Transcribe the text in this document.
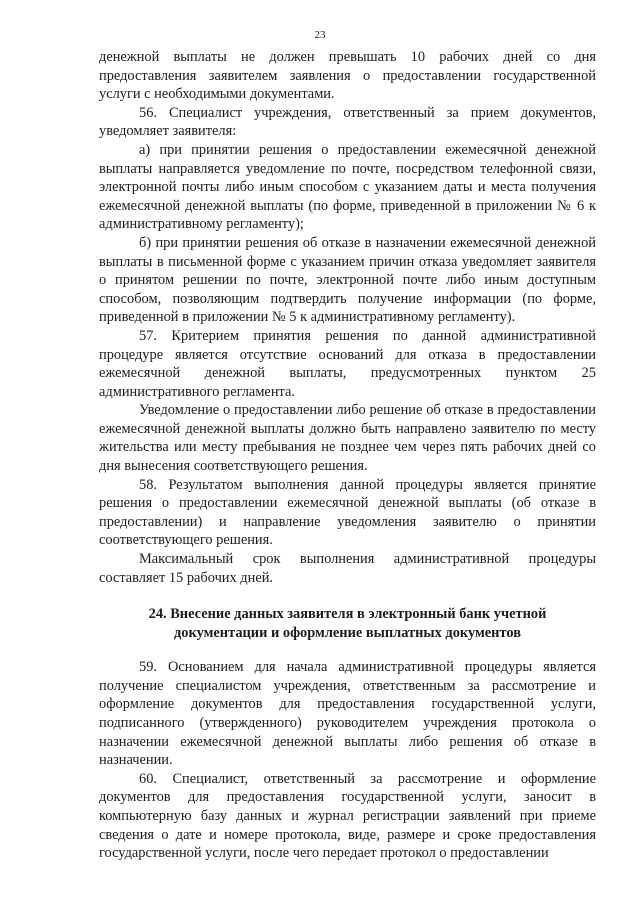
23

денежной выплаты не должен превышать 10 рабочих дней со дня предоставления заявителем заявления о предоставлении государственной услуги с необходимыми документами.

56. Специалист учреждения, ответственный за прием документов, уведомляет заявителя:

а) при принятии решения о предоставлении ежемесячной денежной выплаты направляется уведомление по почте, посредством телефонной связи, электронной почты либо иным способом с указанием даты и места получения ежемесячной денежной выплаты (по форме, приведенной в приложении № 6 к административному регламенту);

б) при принятии решения об отказе в назначении ежемесячной денежной выплаты в письменной форме с указанием причин отказа уведомляет заявителя о принятом решении по почте, электронной почте либо иным доступным способом, позволяющим подтвердить получение информации (по форме, приведенной в приложении № 5 к административному регламенту).

57. Критерием принятия решения по данной административной процедуре является отсутствие оснований для отказа в предоставлении ежемесячной денежной выплаты, предусмотренных пунктом 25 административного регламента.

Уведомление о предоставлении либо решение об отказе в предоставлении ежемесячной денежной выплаты должно быть направлено заявителю по месту жительства или месту пребывания не позднее чем через пять рабочих дней со дня вынесения соответствующего решения.

58. Результатом выполнения данной процедуры является принятие решения о предоставлении ежемесячной денежной выплаты (об отказе в предоставлении) и направление уведомления заявителю о принятии соответствующего решения.

Максимальный срок выполнения административной процедуры составляет 15 рабочих дней.

24. Внесение данных заявителя в электронный банк учетной
документации и оформление выплатных документов

59. Основанием для начала административной процедуры является получение специалистом учреждения, ответственным за рассмотрение и оформление документов для предоставления государственной услуги, подписанного (утвержденного) руководителем учреждения протокола о назначении ежемесячной денежной выплаты либо решения об отказе в назначении.

60. Специалист, ответственный за рассмотрение и оформление документов для предоставления государственной услуги, заносит в компьютерную базу данных и журнал регистрации заявлений при приеме сведения о дате и номере протокола, виде, размере и сроке предоставления государственной услуги, после чего передает протокол о предоставлении
